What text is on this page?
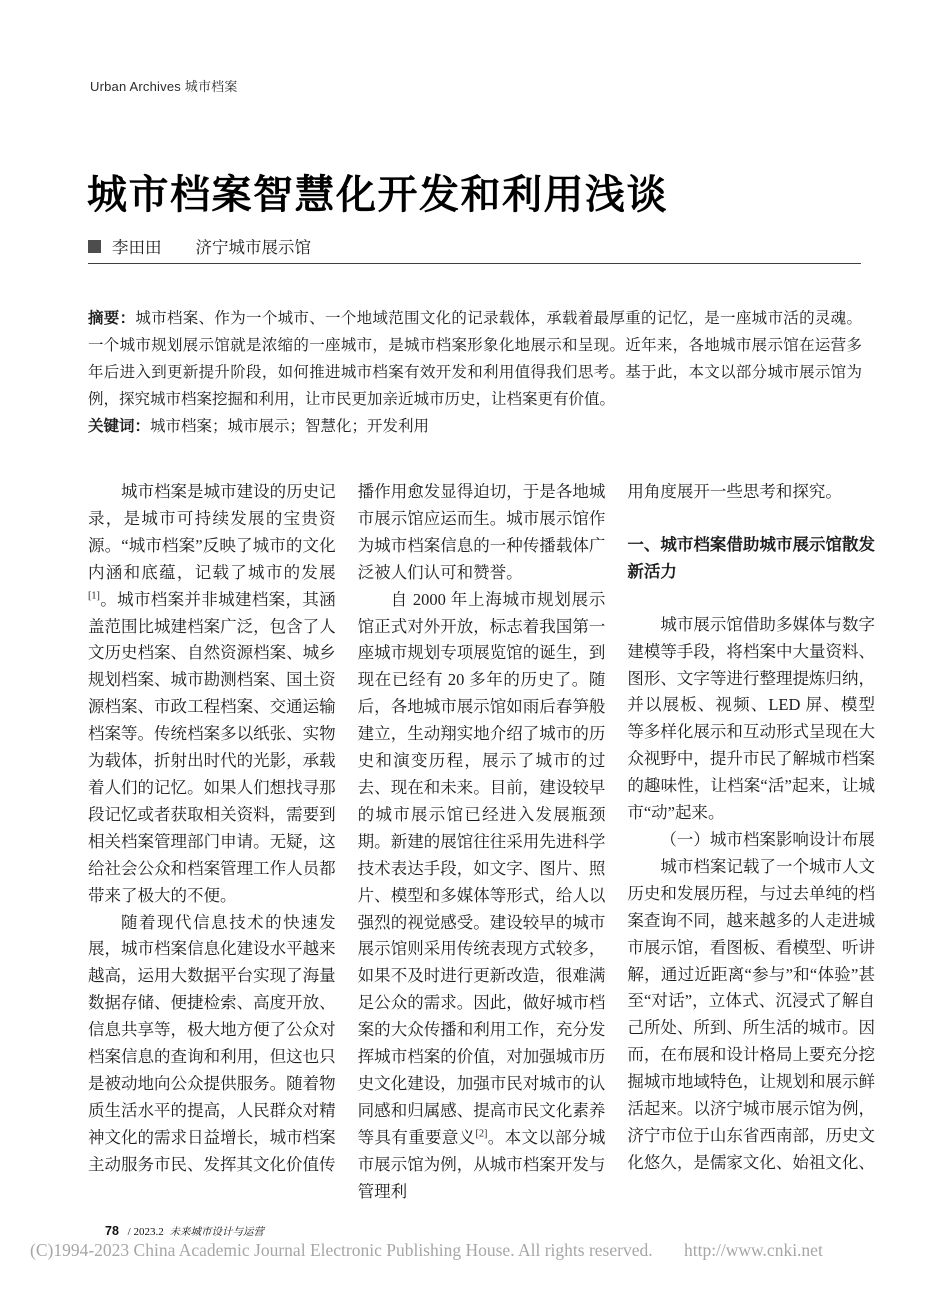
Urban Archives 城市档案
城市档案智慧化开发和利用浅谈
李田田 济宁城市展示馆

摘要：城市档案、作为一个城市、一个地域范围文化的记录载体，承载着最厚重的记忆，是一座城市活的灵魂。一个城市规划展示馆就是浓缩的一座城市，是城市档案形象化地展示和呈现。近年来，各地城市展示馆在运营多年后进入到更新提升阶段，如何推进城市档案有效开发和利用值得我们思考。基于此，本文以部分城市展示馆为例，探究城市档案挖掘和利用，让市民更加亲近城市历史，让档案更有价值。

关键词：城市档案；城市展示；智慧化；开发利用

城市档案是城市建设的历史记录，是城市可持续发展的宝贵资源。“城市档案”反映了城市的文化内涵和底蕴，记载了城市的发展[1]。城市档案并非城建档案，其涵盖范围比城建档案广泛，包含了人文历史档案、自然资源档案、城乡规划档案、城市勘测档案、国土资源档案、市政工程档案、交通运输档案等。传统档案多以纸张、实物为载体，折射出时代的光影，承载着人们的记忆。如果人们想找寻那段记忆或者获取相关资料，需要到相关档案管理部门申请。无疑，这给社会公众和档案管理工作人员都带来了极大的不便。

随着现代信息技术的快速发展，城市档案信息化建设水平越来越高，运用大数据平台实现了海量数据存储、便捷检索、高度开放、信息共享等，极大地方便了公众对档案信息的查询和利用，但这也只是被动地向公众提供服务。随着物质生活水平的提高，人民群众对精神文化的需求日益增长，城市档案主动服务市民、发挥其文化价值传

播作用愈发显得迫切，于是各地城市展示馆应运而生。城市展示馆作为城市档案信息的一种传播载体广泛被人们认可和赞誉。

自 2000 年上海城市规划展示馆正式对外开放，标志着我国第一座城市规划专项展览馆的诞生，到现在已经有 20 多年的历史了。随后，各地城市展示馆如雨后春笋般建立，生动翔实地介绍了城市的历史和演变历程，展示了城市的过去、现在和未来。目前，建设较早的城市展示馆已经进入发展瓶颈期。新建的展馆往往采用先进科学技术表达手段，如文字、图片、照片、模型和多媒体等形式，给人以强烈的视觉感受。建设较早的城市展示馆则采用传统表现方式较多，如果不及时进行更新改造，很难满足公众的需求。因此，做好城市档案的大众传播和利用工作，充分发挥城市档案的价值，对加强城市历史文化建设，加强市民对城市的认同感和归属感、提高市民文化素养等具有重要意义[2]。本文以部分城市展示馆为例，从城市档案开发与管理利

用角度展开一些思考和探究。

一、城市档案借助城市展示馆散发新活力

城市展示馆借助多媒体与数字建模等手段，将档案中大量资料、图形、文字等进行整理提炼归纳，并以展板、视频、LED 屏、模型等多样化展示和互动形式呈现在大众视野中，提升市民了解城市档案的趣味性，让档案“活”起来，让城市“动”起来。

（一）城市档案影响设计布展

城市档案记载了一个城市人文历史和发展历程，与过去单纯的档案查询不同，越来越多的人走进城市展示馆，看图板、看模型、听讲解，通过近距离“参与”和“体验”甚至“对话”，立体式、沉浸式了解自己所处、所到、所生活的城市。因而，在布展和设计格局上要充分挖掘城市地域特色，让规划和展示鲜活起来。以济宁城市展示馆为例，济宁市位于山东省西南部，历史文化悠久，是儒家文化、始祖文化、

78 / 2023.2 未来城市设计与运营
(C)1994-2023 China Academic Journal Electronic Publishing House. All rights reserved. http://www.cnki.net
